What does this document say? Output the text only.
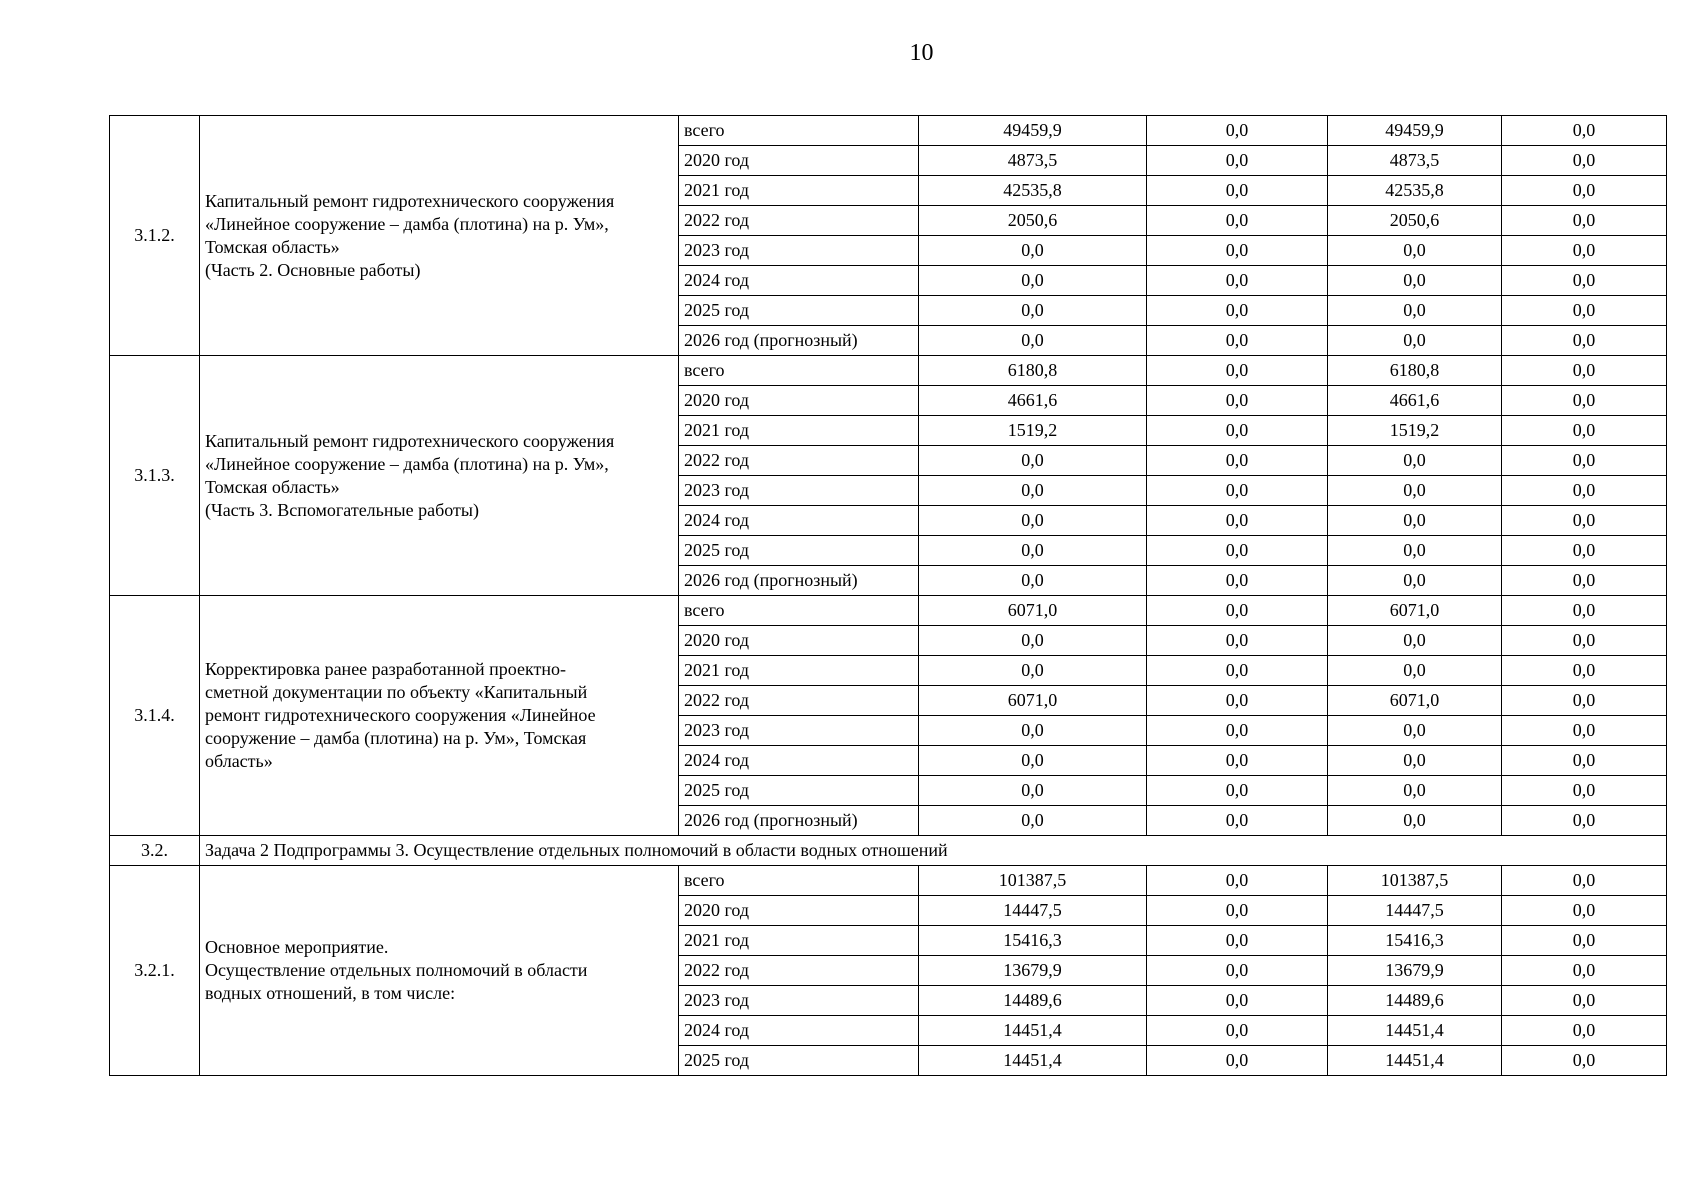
10
3.1.2.	Капитальный ремонт гидротехнического сооружения
«Линейное сооружение – дамба (плотина) на р. Ум»,
Томская область»
(Часть 2. Основные работы)	всего	49459,9	0,0	49459,9	0,0
		2020 год	4873,5	0,0	4873,5	0,0
		2021 год	42535,8	0,0	42535,8	0,0
		2022 год	2050,6	0,0	2050,6	0,0
		2023 год	0,0	0,0	0,0	0,0
		2024 год	0,0	0,0	0,0	0,0
		2025 год	0,0	0,0	0,0	0,0
		2026 год (прогнозный)	0,0	0,0	0,0	0,0
3.1.3.	Капитальный ремонт гидротехнического сооружения
«Линейное сооружение – дамба (плотина) на р. Ум»,
Томская область»
(Часть 3. Вспомогательные работы)	всего	6180,8	0,0	6180,8	0,0
		2020 год	4661,6	0,0	4661,6	0,0
		2021 год	1519,2	0,0	1519,2	0,0
		2022 год	0,0	0,0	0,0	0,0
		2023 год	0,0	0,0	0,0	0,0
		2024 год	0,0	0,0	0,0	0,0
		2025 год	0,0	0,0	0,0	0,0
		2026 год (прогнозный)	0,0	0,0	0,0	0,0
3.1.4.	Корректировка ранее разработанной проектно-
сметной документации по объекту «Капитальный
ремонт гидротехнического сооружения «Линейное
сооружение – дамба (плотина) на р. Ум», Томская
область»	всего	6071,0	0,0	6071,0	0,0
		2020 год	0,0	0,0	0,0	0,0
		2021 год	0,0	0,0	0,0	0,0
		2022 год	6071,0	0,0	6071,0	0,0
		2023 год	0,0	0,0	0,0	0,0
		2024 год	0,0	0,0	0,0	0,0
		2025 год	0,0	0,0	0,0	0,0
		2026 год (прогнозный)	0,0	0,0	0,0	0,0
3.2.	Задача 2 Подпрограммы 3. Осуществление отдельных полномочий в области водных отношений					
3.2.1.	Основное мероприятие.
Осуществление отдельных полномочий в области
водных отношений, в том числе:	всего	101387,5	0,0	101387,5	0,0
		2020 год	14447,5	0,0	14447,5	0,0
		2021 год	15416,3	0,0	15416,3	0,0
		2022 год	13679,9	0,0	13679,9	0,0
		2023 год	14489,6	0,0	14489,6	0,0
		2024 год	14451,4	0,0	14451,4	0,0
		2025 год	14451,4	0,0	14451,4	0,0
